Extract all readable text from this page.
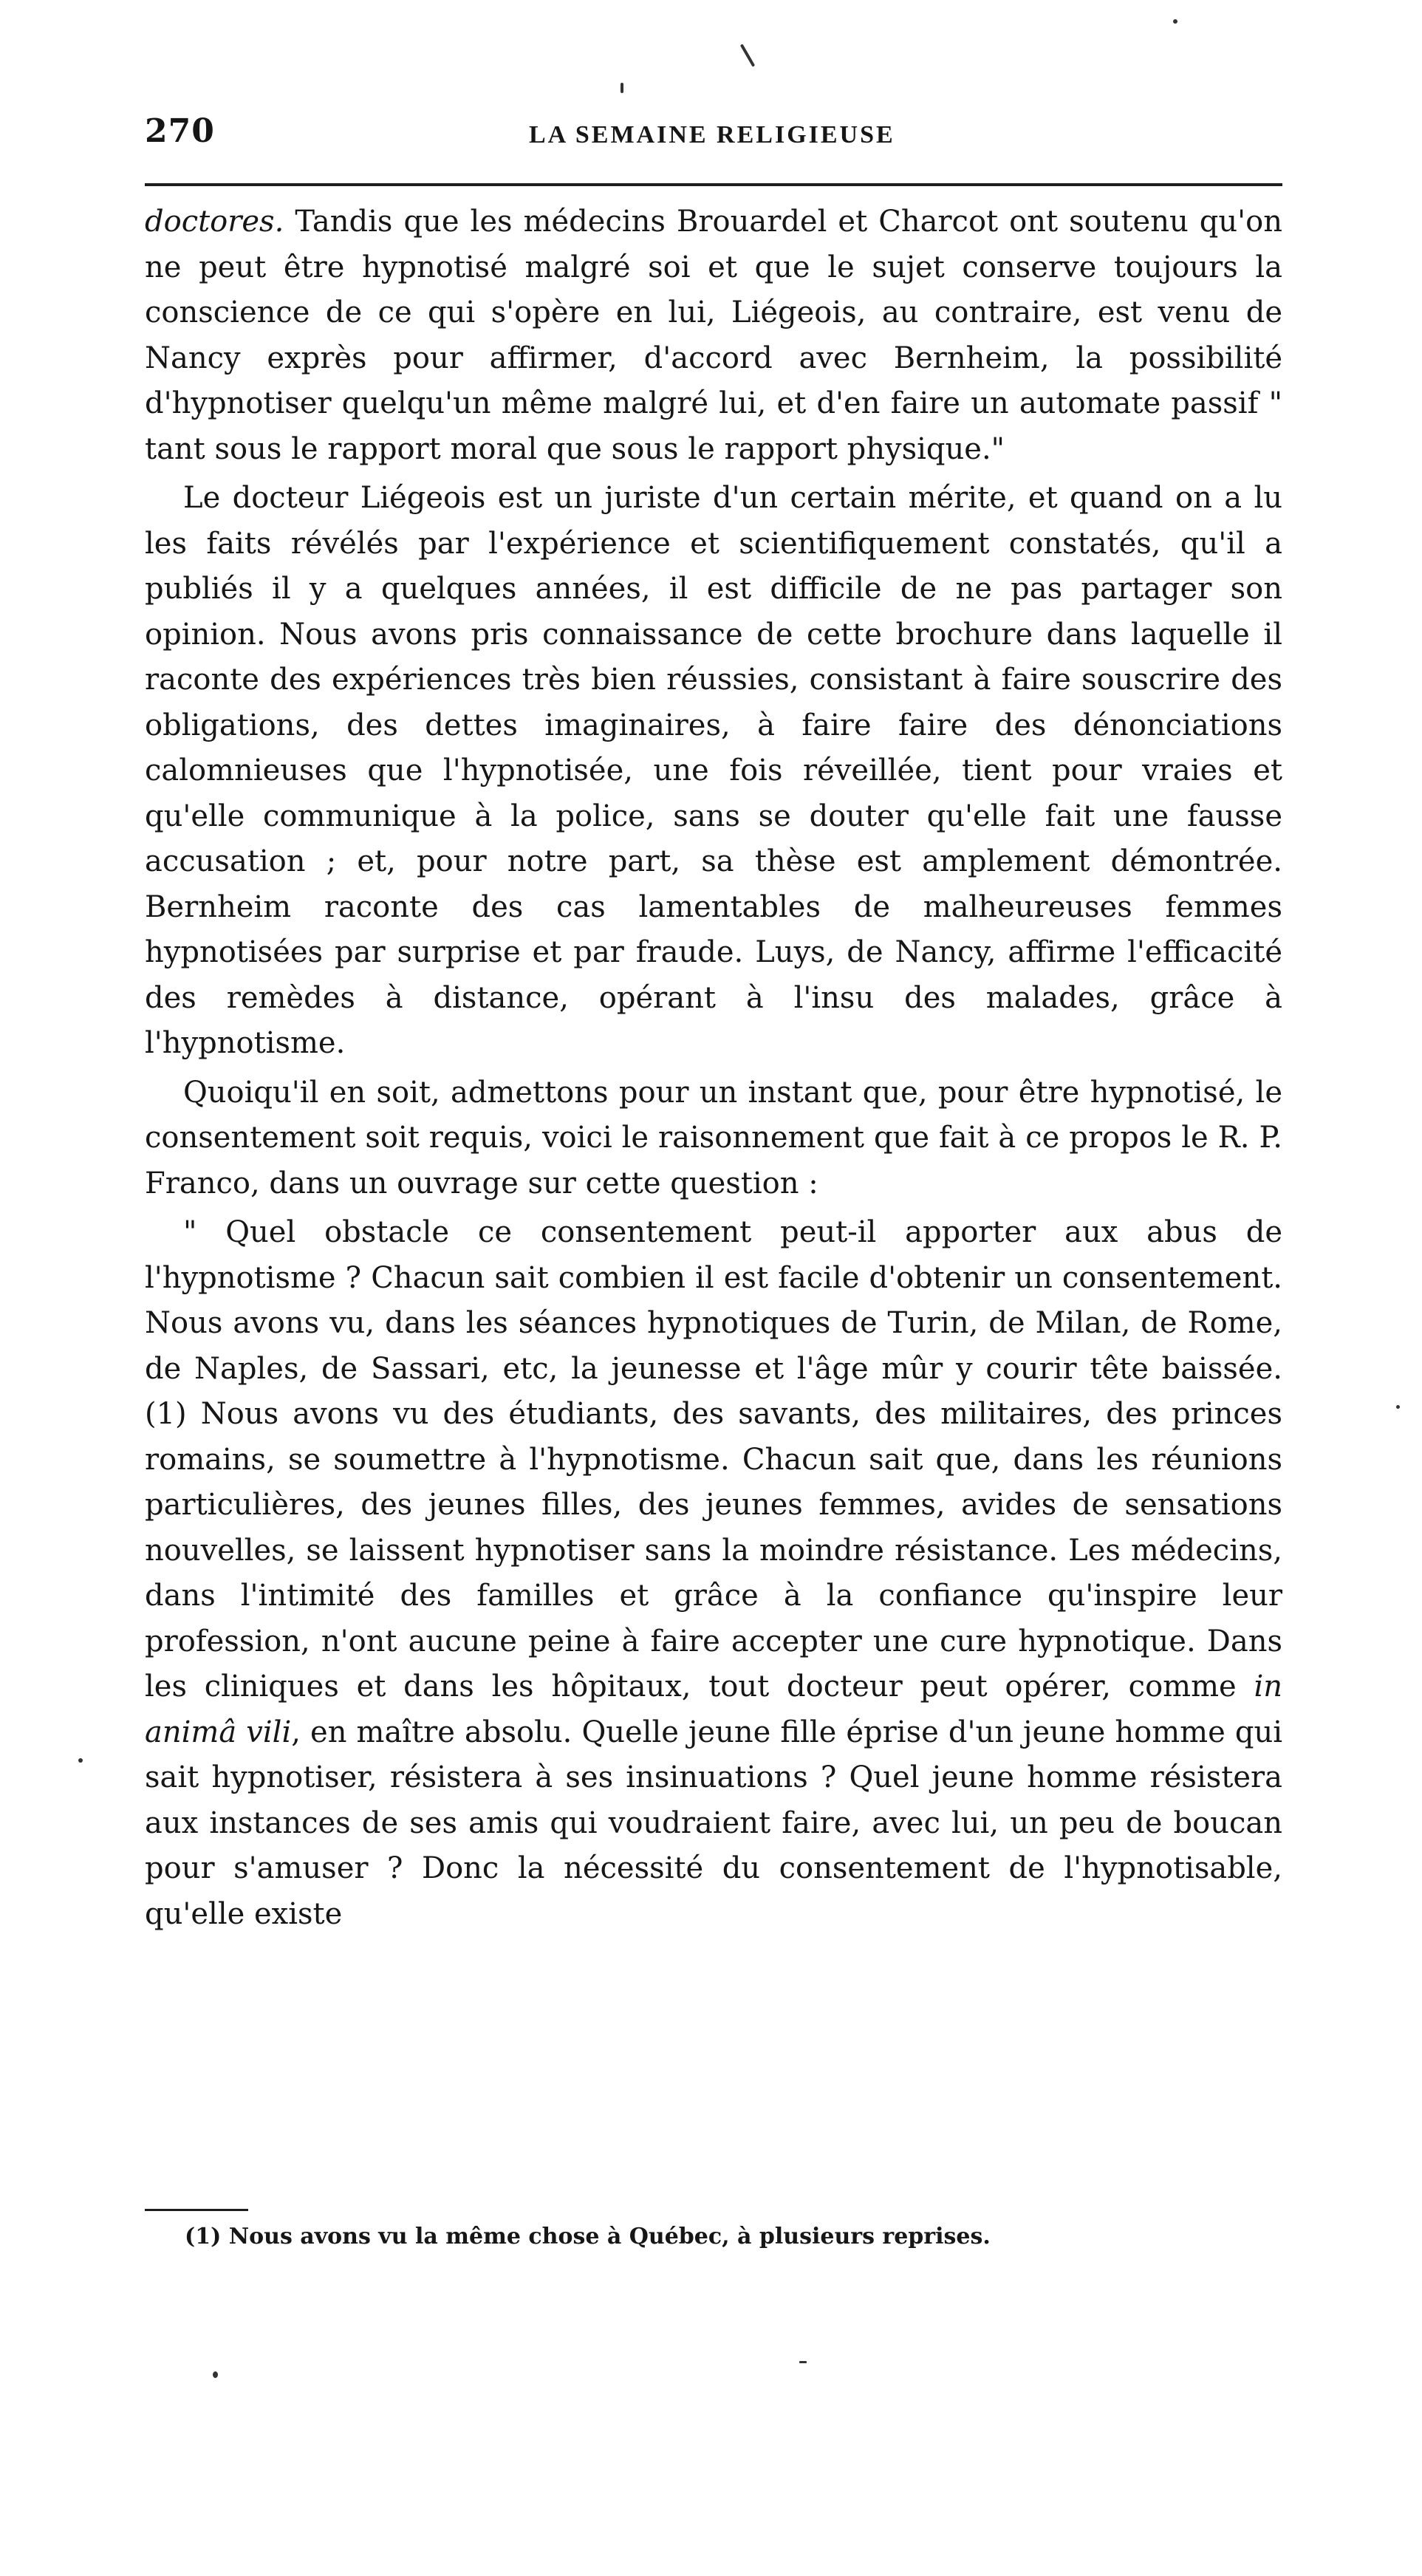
270	LA SEMAINE RELIGIEUSE

doctores. Tandis que les médecins Brouardel et Charcot ont soutenu qu'on ne peut être hypnotisé malgré soi et que le sujet conserve toujours la conscience de ce qui s'opère en lui, Liégeois, au contraire, est venu de Nancy exprès pour affirmer, d'accord avec Bernheim, la possibilité d'hypnotiser quelqu'un même malgré lui, et d'en faire un automate passif " tant sous le rapport moral que sous le rapport physique."

Le docteur Liégeois est un juriste d'un certain mérite, et quand on a lu les faits révélés par l'expérience et scientifiquement constatés, qu'il a publiés il y a quelques années, il est difficile de ne pas partager son opinion. Nous avons pris connaissance de cette brochure dans laquelle il raconte des expériences très bien réussies, consistant à faire souscrire des obligations, des dettes imaginaires, à faire faire des dénonciations calomnieuses que l'hypnotisée, une fois réveillée, tient pour vraies et qu'elle communique à la police, sans se douter qu'elle fait une fausse accusation ; et, pour notre part, sa thèse est amplement démontrée. Bernheim raconte des cas lamentables de malheureuses femmes hypnotisées par surprise et par fraude. Luys, de Nancy, affirme l'efficacité des remèdes à distance, opérant à l'insu des malades, grâce à l'hypnotisme.

Quoiqu'il en soit, admettons pour un instant que, pour être hypnotisé, le consentement soit requis, voici le raisonnement que fait à ce propos le R. P. Franco, dans un ouvrage sur cette question :

" Quel obstacle ce consentement peut-il apporter aux abus de l'hypnotisme ? Chacun sait combien il est facile d'obtenir un consentement. Nous avons vu, dans les séances hypnotiques de Turin, de Milan, de Rome, de Naples, de Sassari, etc, la jeunesse et l'âge mûr y courir tête baissée. (1) Nous avons vu des étudiants, des savants, des militaires, des princes romains, se soumettre à l'hypnotisme. Chacun sait que, dans les réunions particulières, des jeunes filles, des jeunes femmes, avides de sensations nouvelles, se laissent hypnotiser sans la moindre résistance. Les médecins, dans l'intimité des familles et grâce à la confiance qu'inspire leur profession, n'ont aucune peine à faire accepter une cure hypnotique. Dans les cliniques et dans les hôpitaux, tout docteur peut opérer, comme in animâ vili, en maître absolu. Quelle jeune fille éprise d'un jeune homme qui sait hypnotiser, résistera à ses insinuations ? Quel jeune homme résistera aux instances de ses amis qui voudraient faire, avec lui, un peu de boucan pour s'amuser ? Donc la nécessité du consentement de l'hypnotisable, qu'elle existe

(1) Nous avons vu la même chose à Québec, à plusieurs reprises.
